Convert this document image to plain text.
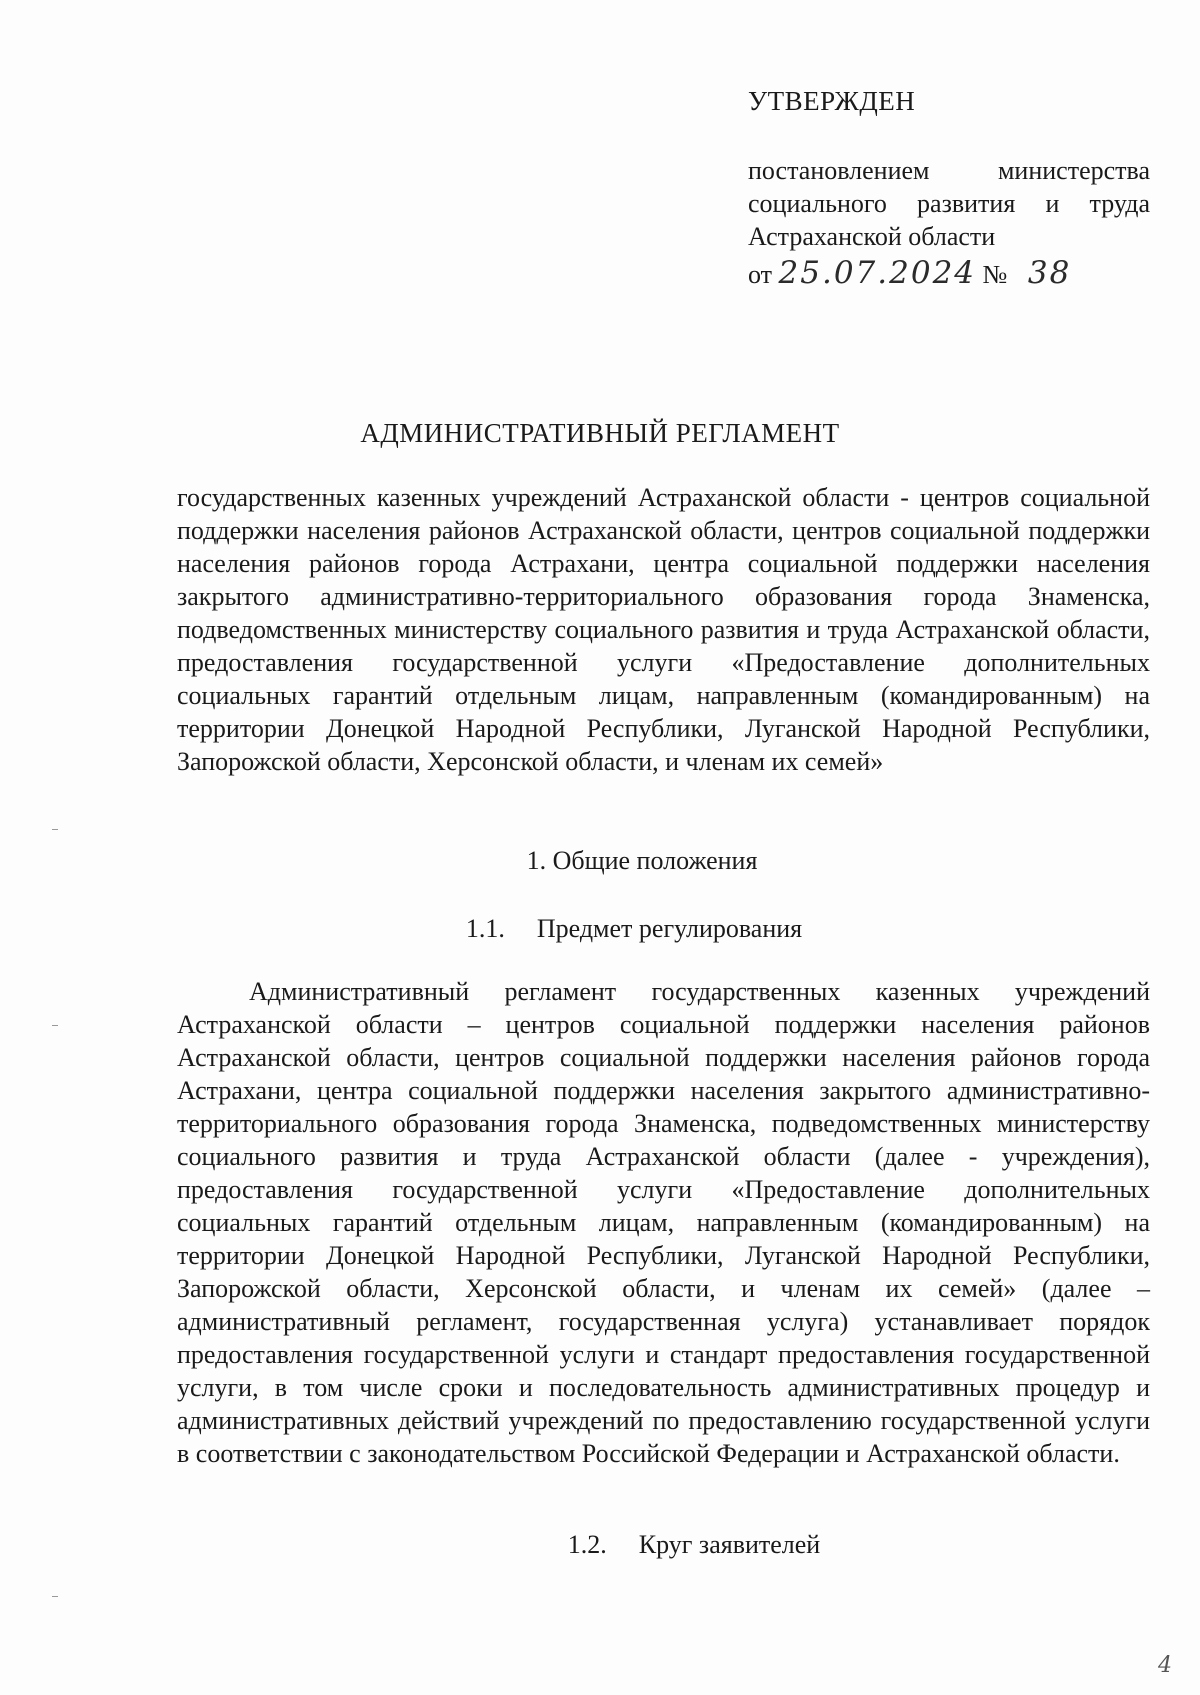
УТВЕРЖДЕН

постановлением министерства социального развития и труда Астраханской области

от 25.07.2024 № 38
АДМИНИСТРАТИВНЫЙ РЕГЛАМЕНТ

государственных казенных учреждений Астраханской области - центров социальной поддержки населения районов Астраханской области, центров социальной поддержки населения районов города Астрахани, центра социальной поддержки населения закрытого административно-территориального образования города Знаменска, подведомственных министерству социального развития и труда Астраханской области, предоставления государственной услуги «Предоставление дополнительных социальных гарантий отдельным лицам, направленным (командированным) на территории Донецкой Народной Республики, Луганской Народной Республики, Запорожской области, Херсонской области, и членам их семей»

1. Общие положения
1.1. Предмет регулирования

Административный регламент государственных казенных учреждений Астраханской области – центров социальной поддержки населения районов Астраханской области, центров социальной поддержки населения районов города Астрахани, центра социальной поддержки населения закрытого административно-территориального образования города Знаменска, подведомственных министерству социального развития и труда Астраханской области (далее - учреждения), предоставления государственной услуги «Предоставление дополнительных социальных гарантий отдельным лицам, направленным (командированным) на территории Донецкой Народной Республики, Луганской Народной Республики, Запорожской области, Херсонской области, и членам их семей» (далее – административный регламент, государственная услуга) устанавливает порядок предоставления государственной услуги и стандарт предоставления государственной услуги, в том числе сроки и последовательность административных процедур и административных действий учреждений по предоставлению государственной услуги в соответствии с законодательством Российской Федерации и Астраханской области.

1.2. Круг заявителей
4
